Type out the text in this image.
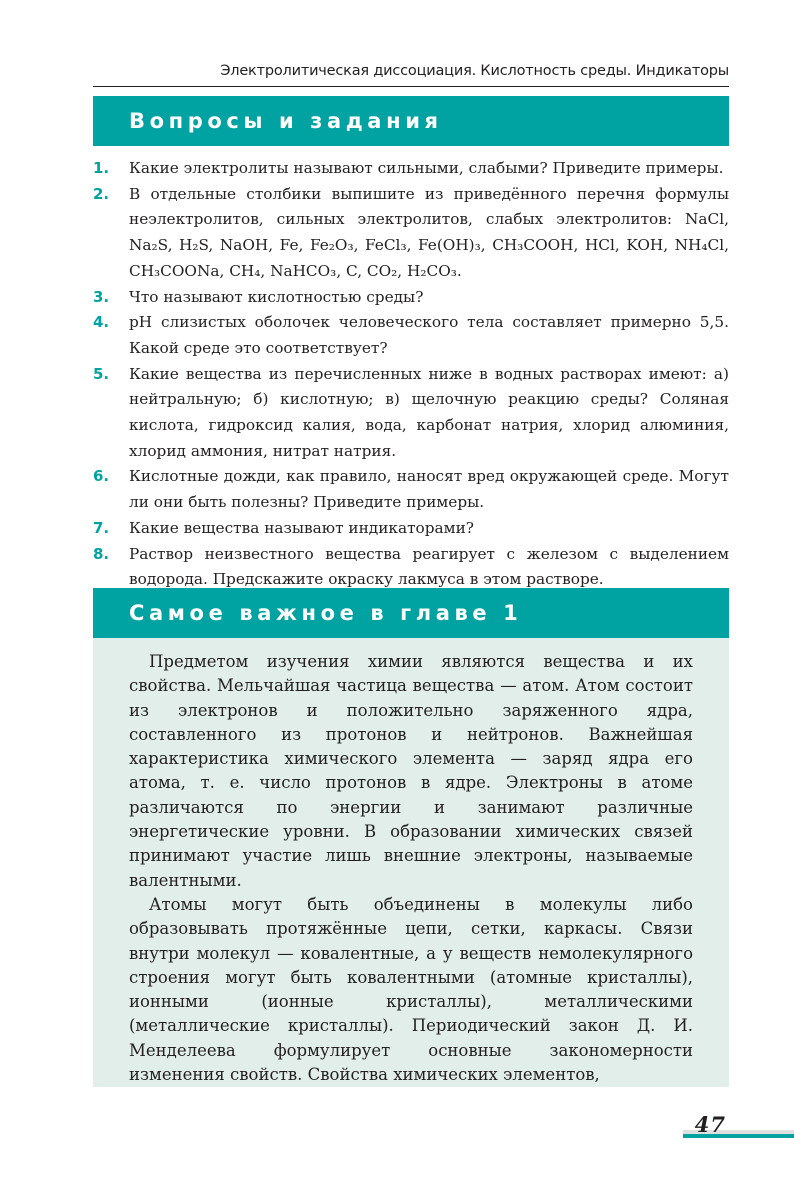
Электролитическая диссоциация. Кислотность среды. Индикаторы
Вопросы и задания
1. Какие электролиты называют сильными, слабыми? Приведите примеры.
2. В отдельные столбики выпишите из приведённого перечня формулы неэлектролитов, сильных электролитов, слабых электролитов: NaCl, Na₂S, H₂S, NaOH, Fe, Fe₂O₃, FeCl₃, Fe(OH)₃, CH₃COOH, HCl, KOH, NH₄Cl, CH₃COONa, CH₄, NaHCO₃, C, CO₂, H₂CO₃.
3. Что называют кислотностью среды?
4. pH слизистых оболочек человеческого тела составляет примерно 5,5. Какой среде это соответствует?
5. Какие вещества из перечисленных ниже в водных растворах имеют: а) нейтральную; б) кислотную; в) щелочную реакцию среды? Соляная кислота, гидроксид калия, вода, карбонат натрия, хлорид алюминия, хлорид аммония, нитрат натрия.
6. Кислотные дожди, как правило, наносят вред окружающей среде. Могут ли они быть полезны? Приведите примеры.
7. Какие вещества называют индикаторами?
8. Раствор неизвестного вещества реагирует с железом с выделением водорода. Предскажите окраску лакмуса в этом растворе.
Самое важное в главе 1

Предметом изучения химии являются вещества и их свойства. Мельчайшая частица вещества — атом. Атом состоит из электронов и положительно заряженного ядра, составленного из протонов и нейтронов. Важнейшая характеристика химического элемента — заряд ядра его атома, т. е. число протонов в ядре. Электроны в атоме различаются по энергии и занимают различные энергетические уровни. В образовании химических связей принимают участие лишь внешние электроны, называемые валентными.

Атомы могут быть объединены в молекулы либо образовывать протяжённые цепи, сетки, каркасы. Связи внутри молекул — ковалентные, а у веществ немолекулярного строения могут быть ковалентными (атомные кристаллы), ионными (ионные кристаллы), металлическими (металлические кристаллы). Периодический закон Д. И. Менделеева формулирует основные закономерности изменения свойств. Свойства химических элементов,

47
